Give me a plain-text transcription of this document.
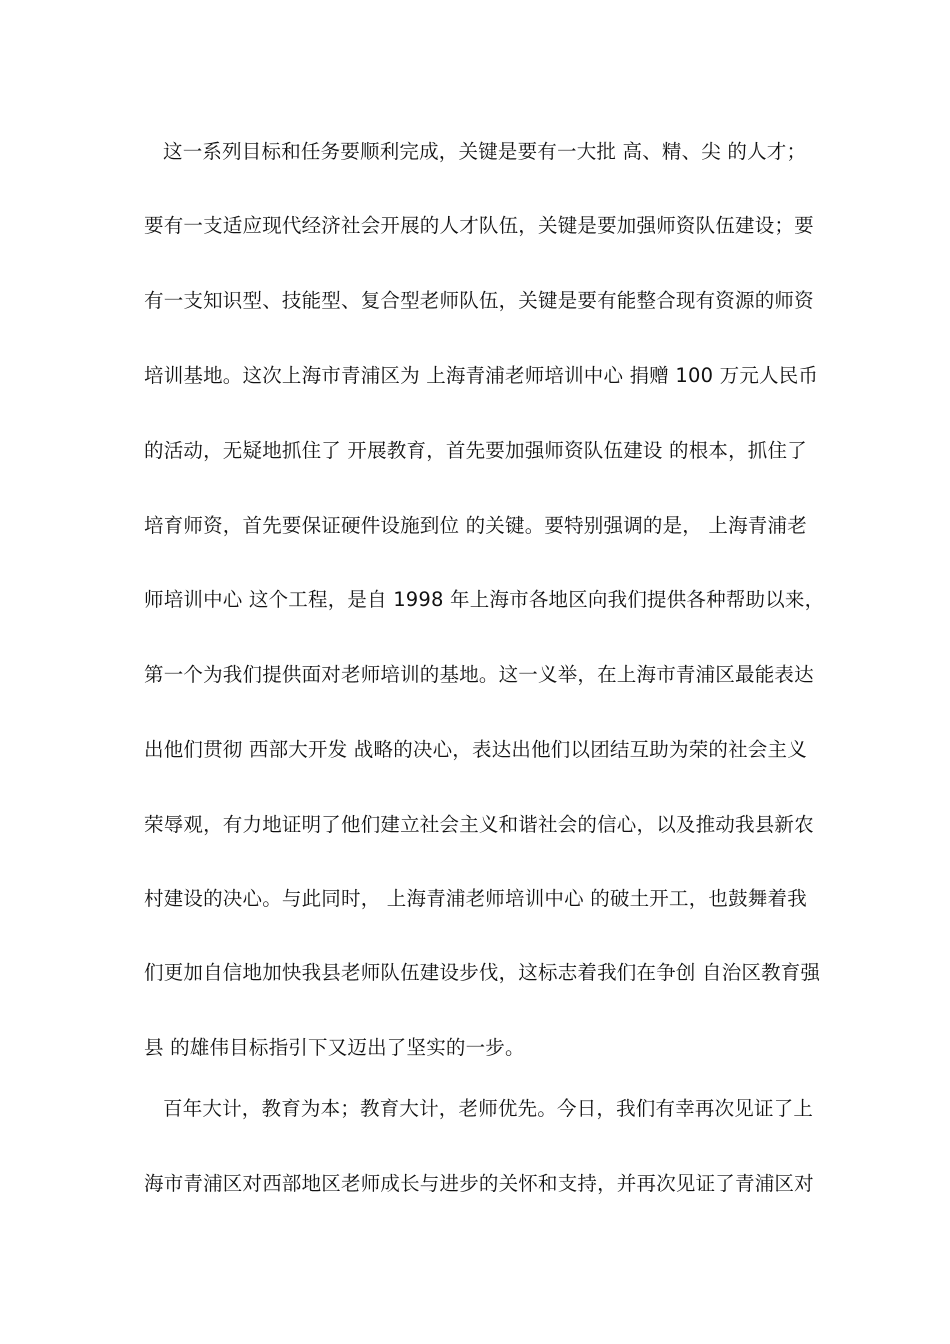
这一系列目标和任务要顺利完成，关键是要有一大批 高、精、尖 的人才；
要有一支适应现代经济社会开展的人才队伍，关键是要加强师资队伍建设；要
有一支知识型、技能型、复合型老师队伍，关键是要有能整合现有资源的师资
培训基地。这次上海市青浦区为 上海青浦老师培训中心 捐赠 100 万元人民币
的活动，无疑地抓住了 开展教育，首先要加强师资队伍建设 的根本，抓住了
培育师资，首先要保证硬件设施到位 的关键。要特别强调的是， 上海青浦老
师培训中心 这个工程，是自 1998 年上海市各地区向我们提供各种帮助以来，
第一个为我们提供面对老师培训的基地。这一义举，在上海市青浦区最能表达
出他们贯彻 西部大开发 战略的决心，表达出他们以团结互助为荣的社会主义
荣辱观，有力地证明了他们建立社会主义和谐社会的信心，以及推动我县新农
村建设的决心。与此同时， 上海青浦老师培训中心 的破土开工，也鼓舞着我
们更加自信地加快我县老师队伍建设步伐，这标志着我们在争创 自治区教育强
县 的雄伟目标指引下又迈出了坚实的一步。
百年大计，教育为本；教育大计，老师优先。今日，我们有幸再次见证了上
海市青浦区对西部地区老师成长与进步的关怀和支持，并再次见证了青浦区对
